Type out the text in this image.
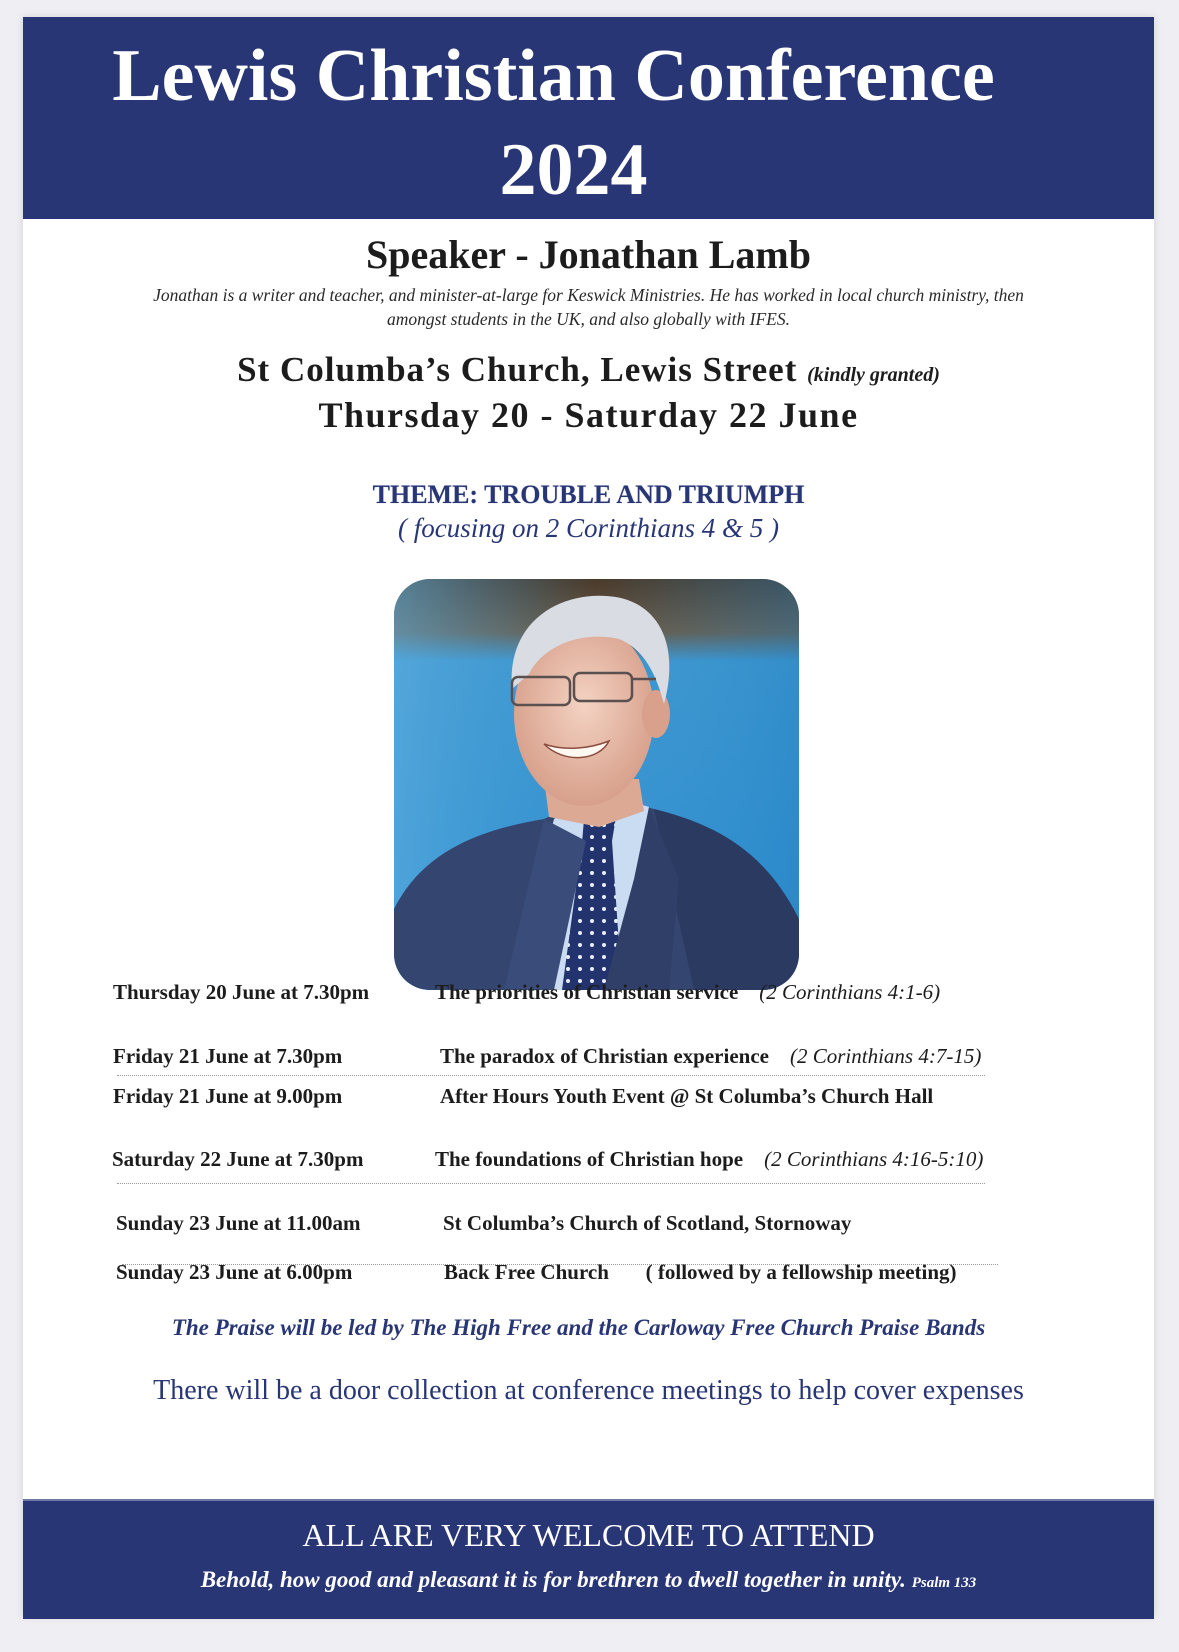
Lewis Christian Conference
2024
Speaker - Jonathan Lamb
Jonathan is a writer and teacher, and minister-at-large for Keswick Ministries. He has worked in local church ministry, then
amongst students in the UK, and also globally with IFES.
St Columba’s Church, Lewis Street (kindly granted)
Thursday 20 - Saturday 22 June
THEME: TROUBLE AND TRIUMPH
( focusing on 2 Corinthians 4 & 5 )
Thursday 20 June at 7.30pm	The priorities of Christian service (2 Corinthians 4:1-6)
Friday 21 June at 7.30pm	The paradox of Christian experience (2 Corinthians 4:7-15)
Friday 21 June at 9.00pm	After Hours Youth Event @ St Columba’s Church Hall
Saturday 22 June at 7.30pm	The foundations of Christian hope (2 Corinthians 4:16-5:10)
Sunday 23 June at 11.00am	St Columba’s Church of Scotland, Stornoway
Sunday 23 June at 6.00pm	Back Free Church ( followed by a fellowship meeting)
The Praise will be led by The High Free and the Carloway Free Church Praise Bands
There will be a door collection at conference meetings to help cover expenses
ALL ARE VERY WELCOME TO ATTEND
Behold, how good and pleasant it is for brethren to dwell together in unity. Psalm 133
